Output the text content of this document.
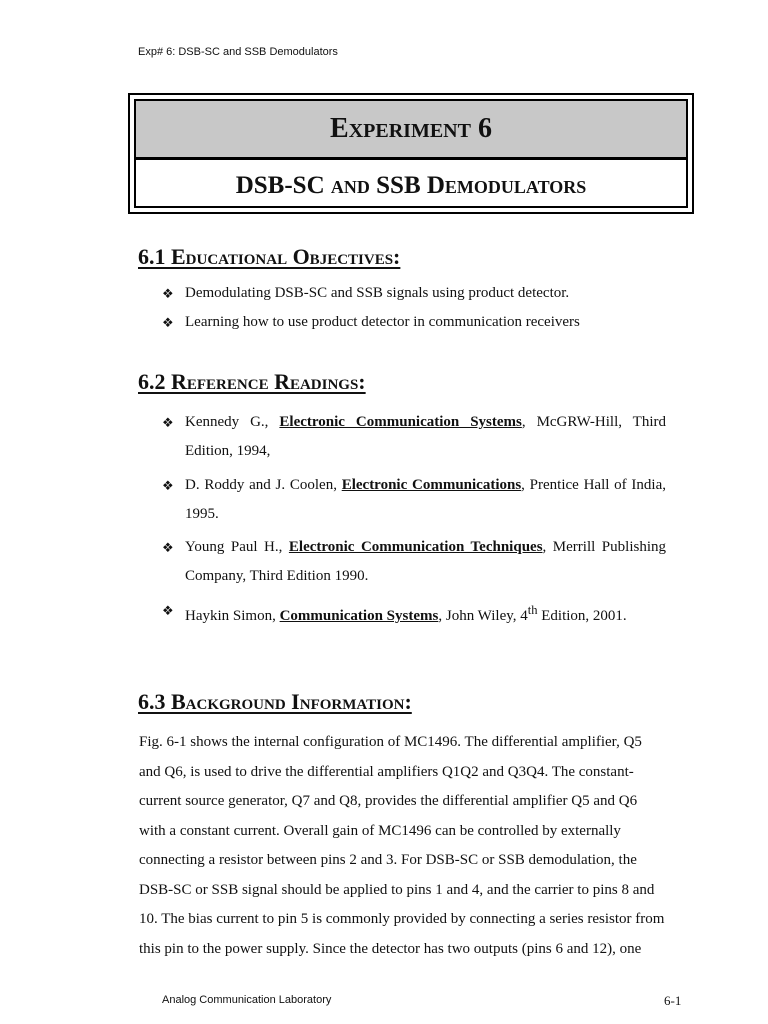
Exp# 6: DSB-SC and SSB Demodulators
Experiment 6
DSB-SC and SSB Demodulators
6.1 Educational Objectives:
❖ Demodulating DSB-SC and SSB signals using product detector.
❖ Learning how to use product detector in communication receivers
6.2 Reference Readings:
❖ Kennedy G., Electronic Communication Systems, McGRW-Hill, Third Edition, 1994,
❖ D. Roddy and J. Coolen, Electronic Communications, Prentice Hall of India, 1995.
❖ Young Paul H., Electronic Communication Techniques, Merrill Publishing Company, Third Edition 1990.
❖ Haykin Simon, Communication Systems, John Wiley, 4th Edition, 2001.
6.3 Background Information:
Fig. 6-1 shows the internal configuration of MC1496. The differential amplifier, Q5 and Q6, is used to drive the differential amplifiers Q1Q2 and Q3Q4. The constant-current source generator, Q7 and Q8, provides the differential amplifier Q5 and Q6 with a constant current. Overall gain of MC1496 can be controlled by externally connecting a resistor between pins 2 and 3. For DSB-SC or SSB demodulation, the DSB-SC or SSB signal should be applied to pins 1 and 4, and the carrier to pins 8 and 10. The bias current to pin 5 is commonly provided by connecting a series resistor from this pin to the power supply. Since the detector has two outputs (pins 6 and 12), one
Analog Communication Laboratory	6-1
